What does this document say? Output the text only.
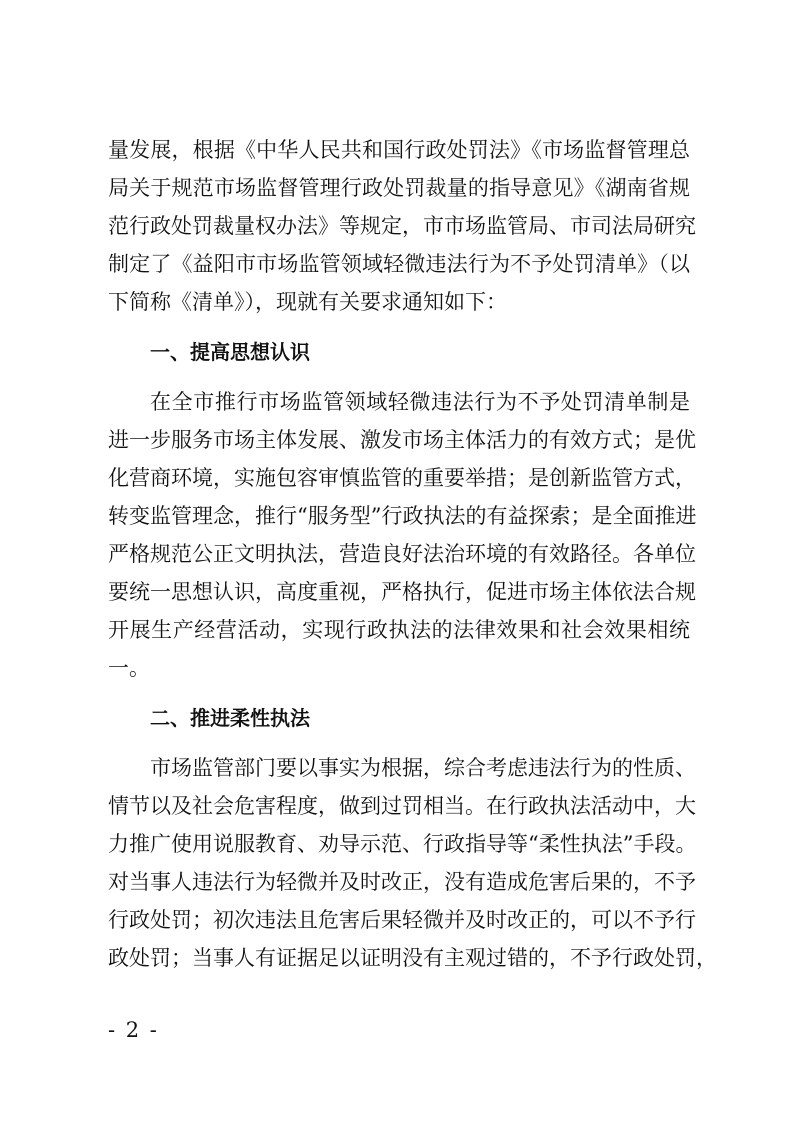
量发展，根据《中华人民共和国行政处罚法》《市场监督管理总
局关于规范市场监督管理行政处罚裁量的指导意见》《湖南省规
范行政处罚裁量权办法》等规定，市市场监管局、市司法局研究
制定了《益阳市市场监管领域轻微违法行为不予处罚清单》（以
下简称《清单》），现就有关要求通知如下：

一、提高思想认识

在全市推行市场监管领域轻微违法行为不予处罚清单制是
进一步服务市场主体发展、激发市场主体活力的有效方式；是优
化营商环境，实施包容审慎监管的重要举措；是创新监管方式，
转变监管理念，推行“服务型”行政执法的有益探索；是全面推进
严格规范公正文明执法，营造良好法治环境的有效路径。各单位
要统一思想认识，高度重视，严格执行，促进市场主体依法合规
开展生产经营活动，实现行政执法的法律效果和社会效果相统
一。

二、推进柔性执法

市场监管部门要以事实为根据，综合考虑违法行为的性质、
情节以及社会危害程度，做到过罚相当。在行政执法活动中，大
力推广使用说服教育、劝导示范、行政指导等“柔性执法”手段。
对当事人违法行为轻微并及时改正，没有造成危害后果的，不予
行政处罚；初次违法且危害后果轻微并及时改正的，可以不予行
政处罚；当事人有证据足以证明没有主观过错的，不予行政处罚，

- 2 -
